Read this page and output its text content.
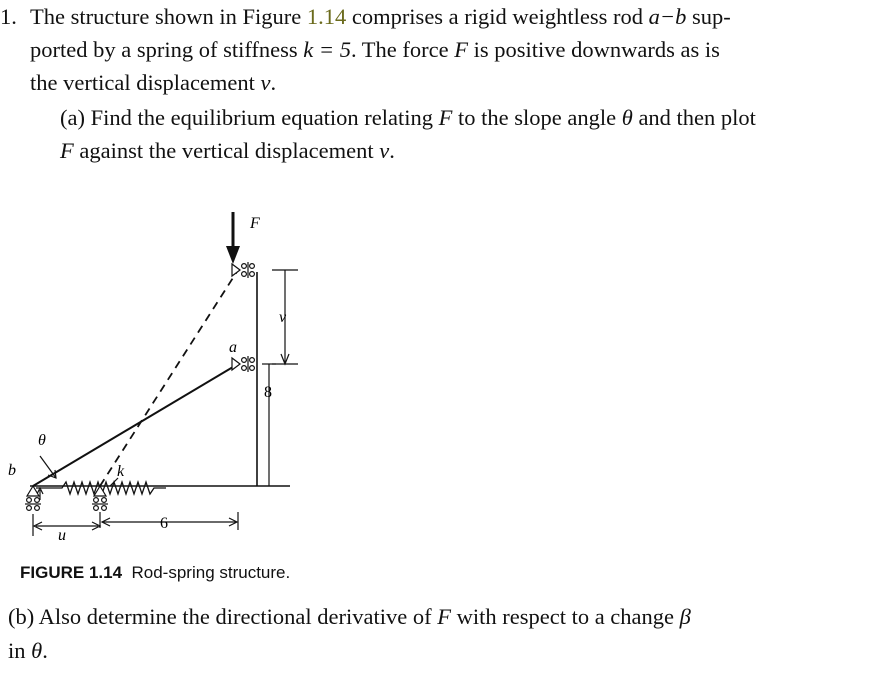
1. The structure shown in Figure 1.14 comprises a rigid weightless rod a−b sup-
ported by a spring of stiffness k = 5. The force F is positive downwards as is
the vertical displacement v.
(a) Find the equilibrium equation relating F to the slope angle θ and then plot
F against the vertical displacement v.
F
v
a
8
θ
b	k
u
6
FIGURE 1.14 Rod-spring structure.
(b) Also determine the directional derivative of F with respect to a change β
in θ.
